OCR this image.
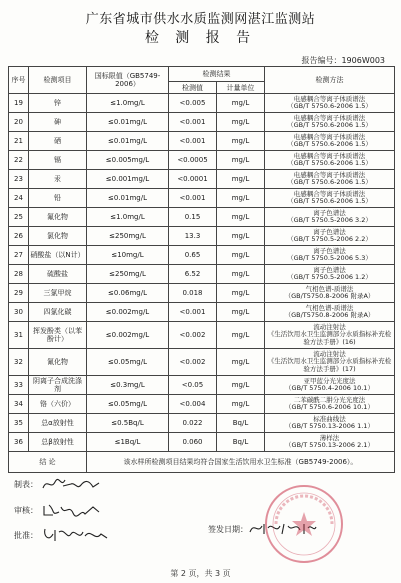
广东省城市供水水质监测网湛江监测站
检 测 报 告
报告编号：1906W003
序号	检测项目	国标限值（GB5749-2006）	检测结果		检测方法
			检测值	计量单位	
19	锌	≤1.0mg/L	<0.005	mg/L	电感耦合等离子体质谱法
（GB/T 5750.6-2006 1.5）

20	砷	≤0.01mg/L	<0.001	mg/L	电感耦合等离子体质谱法
（GB/T 5750.6-2006 1.5）

21	硒	≤0.01mg/L	<0.001	mg/L	电感耦合等离子体质谱法
（GB/T 5750.6-2006 1.5）

22	镉	≤0.005mg/L	<0.0005	mg/L	电感耦合等离子体质谱法
（GB/T 5750.6-2006 1.5）

23	汞	≤0.001mg/L	<0.0001	mg/L	电感耦合等离子体质谱法
（GB/T 5750.6-2006 1.5）

24	铅	≤0.01mg/L	<0.001	mg/L	电感耦合等离子体质谱法
（GB/T 5750.6-2006 1.5）

25	氟化物	≤1.0mg/L	0.15	mg/L	离子色谱法
（GB/T 5750.5-2006 3.2）

26	氯化物	≤250mg/L	13.3	mg/L	离子色谱法
（GB/T 5750.5-2006 2.2）

27	硝酸盐（以N计）	≤10mg/L	0.65	mg/L	离子色谱法
（GB/T 5750.5-2006 5.3）

28	硫酸盐	≤250mg/L	6.52	mg/L	离子色谱法
（GB/T 5750.5-2006 1.2）

29	三氯甲烷	≤0.06mg/L	0.018	mg/L	气相色谱-质谱法
（GB/T5750.8-2006 附录A）

30	四氯化碳	≤0.002mg/L	<0.001	mg/L	气相色谱-质谱法
（GB/T5750.8-2006 附录A）

31	挥发酚类（以苯酚计）	≤0.002mg/L	<0.002	mg/L	流动注射法
《生活饮用水卫生监测部分水质指标补充检验方法手册》(16)

32	氰化物	≤0.05mg/L	<0.002	mg/L	流动注射法
《生活饮用水卫生监测部分水质指标补充检验方法手册》(17)

33	阴离子合成洗涤剂	≤0.3mg/L	<0.05	mg/L	亚甲蓝分光光度法
（GB/T 5750.4-2006 10.1）

34	铬（六价）	≤0.05mg/L	<0.004	mg/L	二苯碳酰二肼分光光度法
（GB/T 5750.6-2006 10.1）

35	总α放射性	≤0.5Bq/L	0.022	Bq/L	标准曲线法
（GB/T 5750.13-2006 1.1）

36	总β放射性	≤1Bq/L	0.060	Bq/L	薄样法
（GB/T 5750.13-2006 2.1）

结 论		该水样所检测项目结果均符合国家生活饮用水卫生标准（GB5749-2006）。			
制表：
审核：
批准：
签发日期：
第 2 页，共 3 页
